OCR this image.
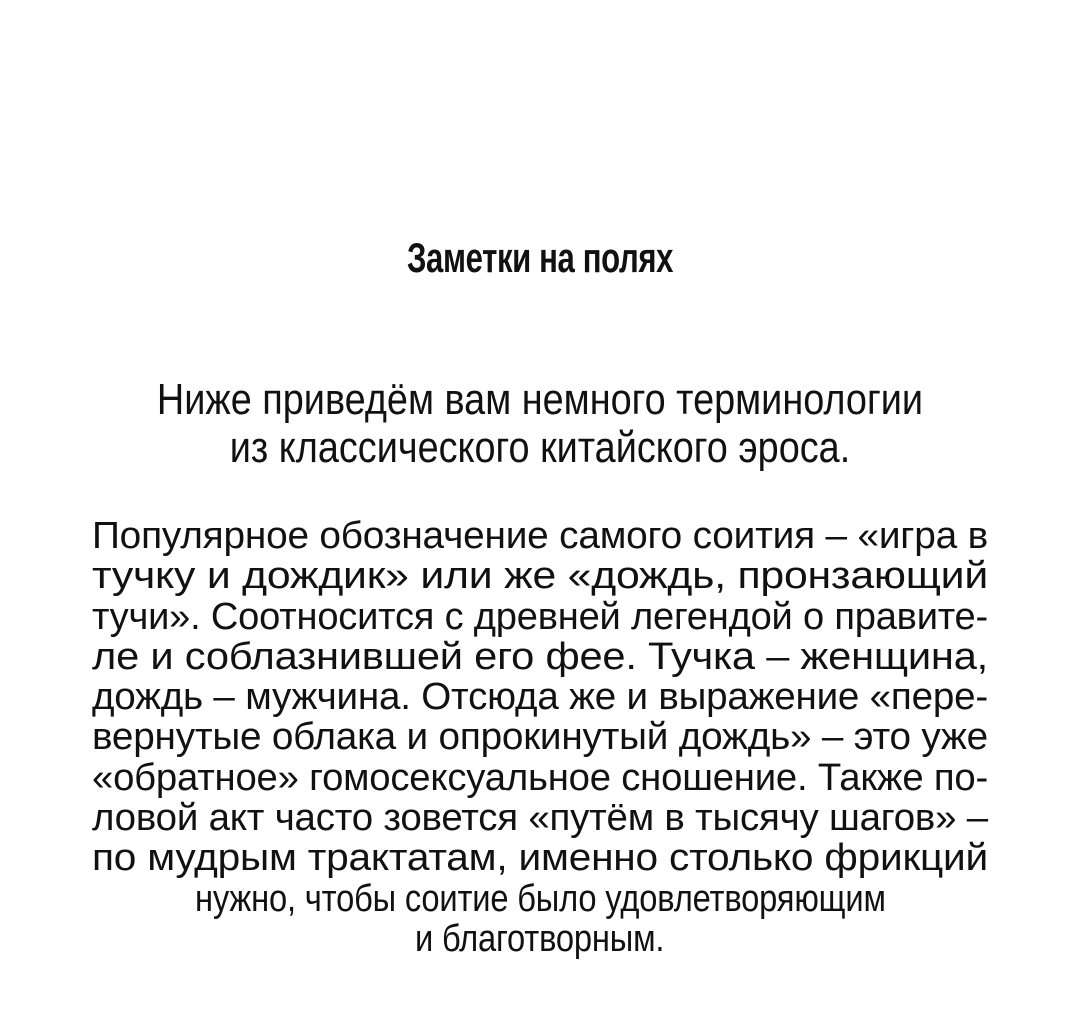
Заметки на полях

Ниже приведём вам немного терминологии из классического китайского эроса.

Популярное обозначение самого соития – «игра в
тучку и дождик» или же «дождь, пронзающий
тучи». Соотносится с древней легендой о правите-
ле и соблазнившей его фее. Тучка – женщина,
дождь – мужчина. Отсюда же и выражение «пере-
вернутые облака и опрокинутый дождь» – это уже
«обратное» гомосексуальное сношение. Также по-
ловой акт часто зовется «путём в тысячу шагов» –
по мудрым трактатам, именно столько фрикций
нужно, чтобы соитие было удовлетворяющим
и благотворным.
